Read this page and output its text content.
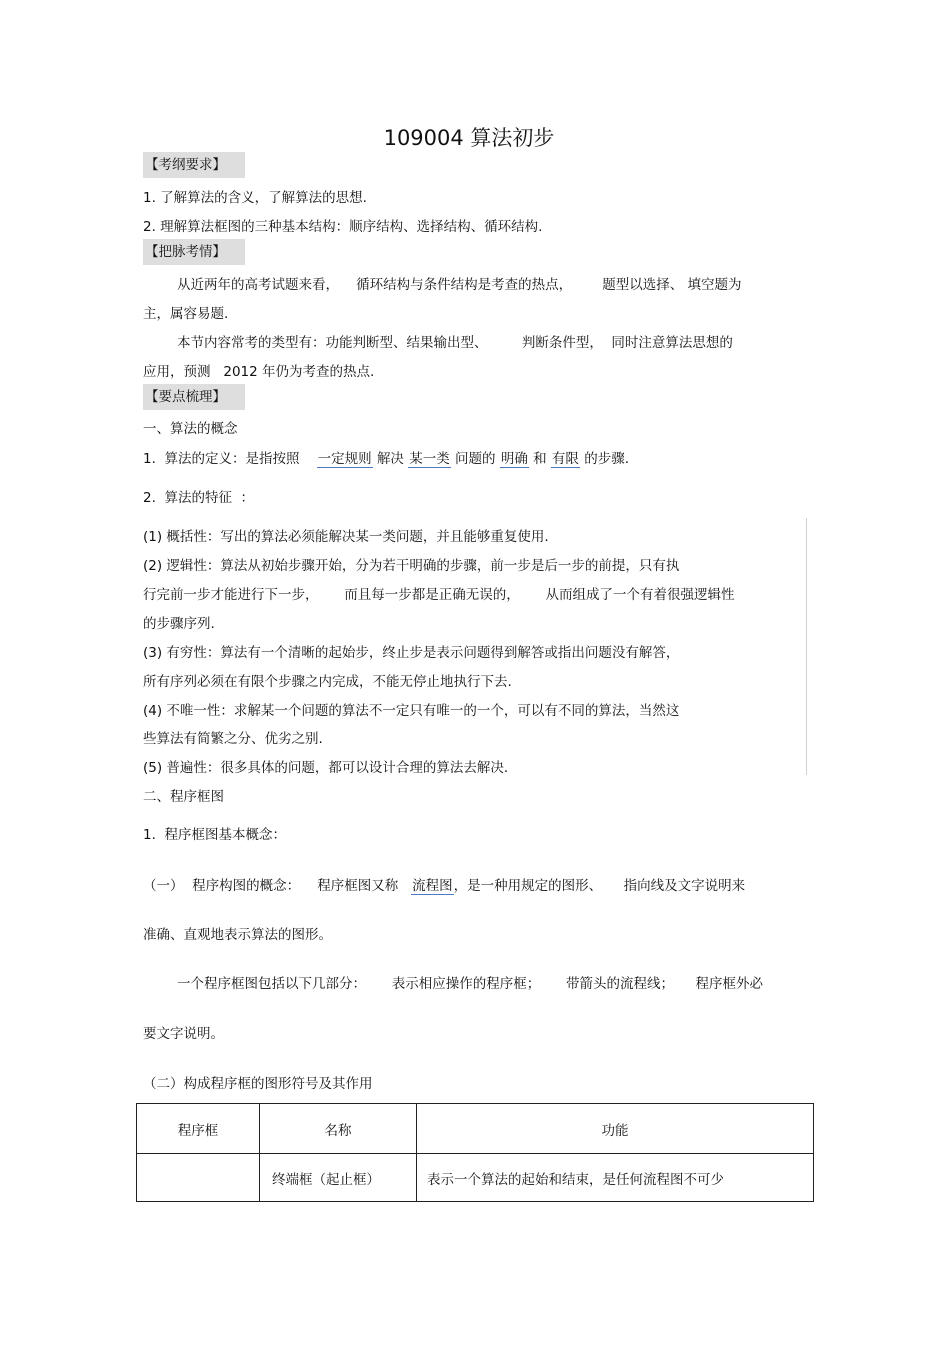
109004 算法初步
【考纲要求】
1. 了解算法的含义，了解算法的思想.
2. 理解算法框图的三种基本结构：顺序结构、选择结构、循环结构.
【把脉考情】
从近两年的高考试题来看，    循环结构与条件结构是考查的热点，       题型以选择、 填空题为
主，属容易题.
本节内容常考的类型有：功能判断型、结果输出型、        判断条件型，  同时注意算法思想的
应用，预测   2012 年仍为考查的热点.
【要点梳理】
一、算法的概念
1.  算法的定义：是指按照    一定规则 解决 某一类 问题的 明确 和 有限 的步骤.
2.  算法的特征  ：
(1) 概括性：写出的算法必须能解决某一类问题，并且能够重复使用.
(2) 逻辑性：算法从初始步骤开始，分为若干明确的步骤，前一步是后一步的前提，只有执
行完前一步才能进行下一步，      而且每一步都是正确无误的，      从而组成了一个有着很强逻辑性
的步骤序列.
(3) 有穷性：算法有一个清晰的起始步，终止步是表示问题得到解答或指出问题没有解答，
所有序列必须在有限个步骤之内完成，不能无停止地执行下去.
(4) 不唯一性：求解某一个问题的算法不一定只有唯一的一个，可以有不同的算法，当然这
些算法有简繁之分、优劣之别.
(5) 普遍性：很多具体的问题，都可以设计合理的算法去解决.
二、程序框图
1.  程序框图基本概念：
（一）  程序构图的概念：    程序框图又称   流程图，是一种用规定的图形、     指向线及文字说明来
准确、直观地表示算法的图形。
一个程序框图包括以下几部分：      表示相应操作的程序框；      带箭头的流程线；     程序框外必
要文字说明。
（二）构成程序框的图形符号及其作用
程序框	名称	功能
	终端框（起止框）	表示一个算法的起始和结束，是任何流程图不可少
